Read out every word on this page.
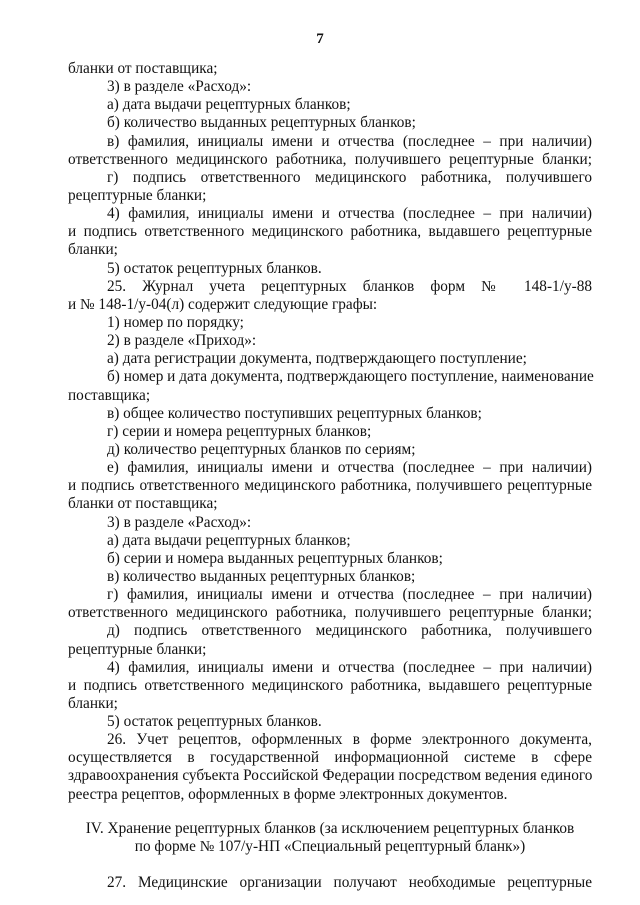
7
бланки от поставщика;
3) в разделе «Расход»:
а) дата выдачи рецептурных бланков;
б) количество выданных рецептурных бланков;
в) фамилия, инициалы имени и отчества (последнее – при наличии)
ответственного медицинского работника, получившего рецептурные бланки;
г) подпись ответственного медицинского работника, получившего
рецептурные бланки;
4) фамилия, инициалы имени и отчества (последнее – при наличии)
и подпись ответственного медицинского работника, выдавшего рецептурные
бланки;
5) остаток рецептурных бланков.
25. Журнал учета рецептурных бланков форм № 148-1/у-88
и № 148-1/у-04(л) содержит следующие графы:
1) номер по порядку;
2) в разделе «Приход»:
а) дата регистрации документа, подтверждающего поступление;
б) номер и дата документа, подтверждающего поступление, наименование
поставщика;
в) общее количество поступивших рецептурных бланков;
г) серии и номера рецептурных бланков;
д) количество рецептурных бланков по сериям;
е) фамилия, инициалы имени и отчества (последнее – при наличии)
и подпись ответственного медицинского работника, получившего рецептурные
бланки от поставщика;
3) в разделе «Расход»:
а) дата выдачи рецептурных бланков;
б) серии и номера выданных рецептурных бланков;
в) количество выданных рецептурных бланков;
г) фамилия, инициалы имени и отчества (последнее – при наличии)
ответственного медицинского работника, получившего рецептурные бланки;
д) подпись ответственного медицинского работника, получившего
рецептурные бланки;
4) фамилия, инициалы имени и отчества (последнее – при наличии)
и подпись ответственного медицинского работника, выдавшего рецептурные
бланки;
5) остаток рецептурных бланков.
26. Учет рецептов, оформленных в форме электронного документа,
осуществляется в государственной информационной системе в сфере
здравоохранения субъекта Российской Федерации посредством ведения единого
реестра рецептов, оформленных в форме электронных документов.
IV. Хранение рецептурных бланков (за исключением рецептурных бланков
по форме № 107/у-НП «Специальный рецептурный бланк»)
27. Медицинские организации получают необходимые рецептурные
